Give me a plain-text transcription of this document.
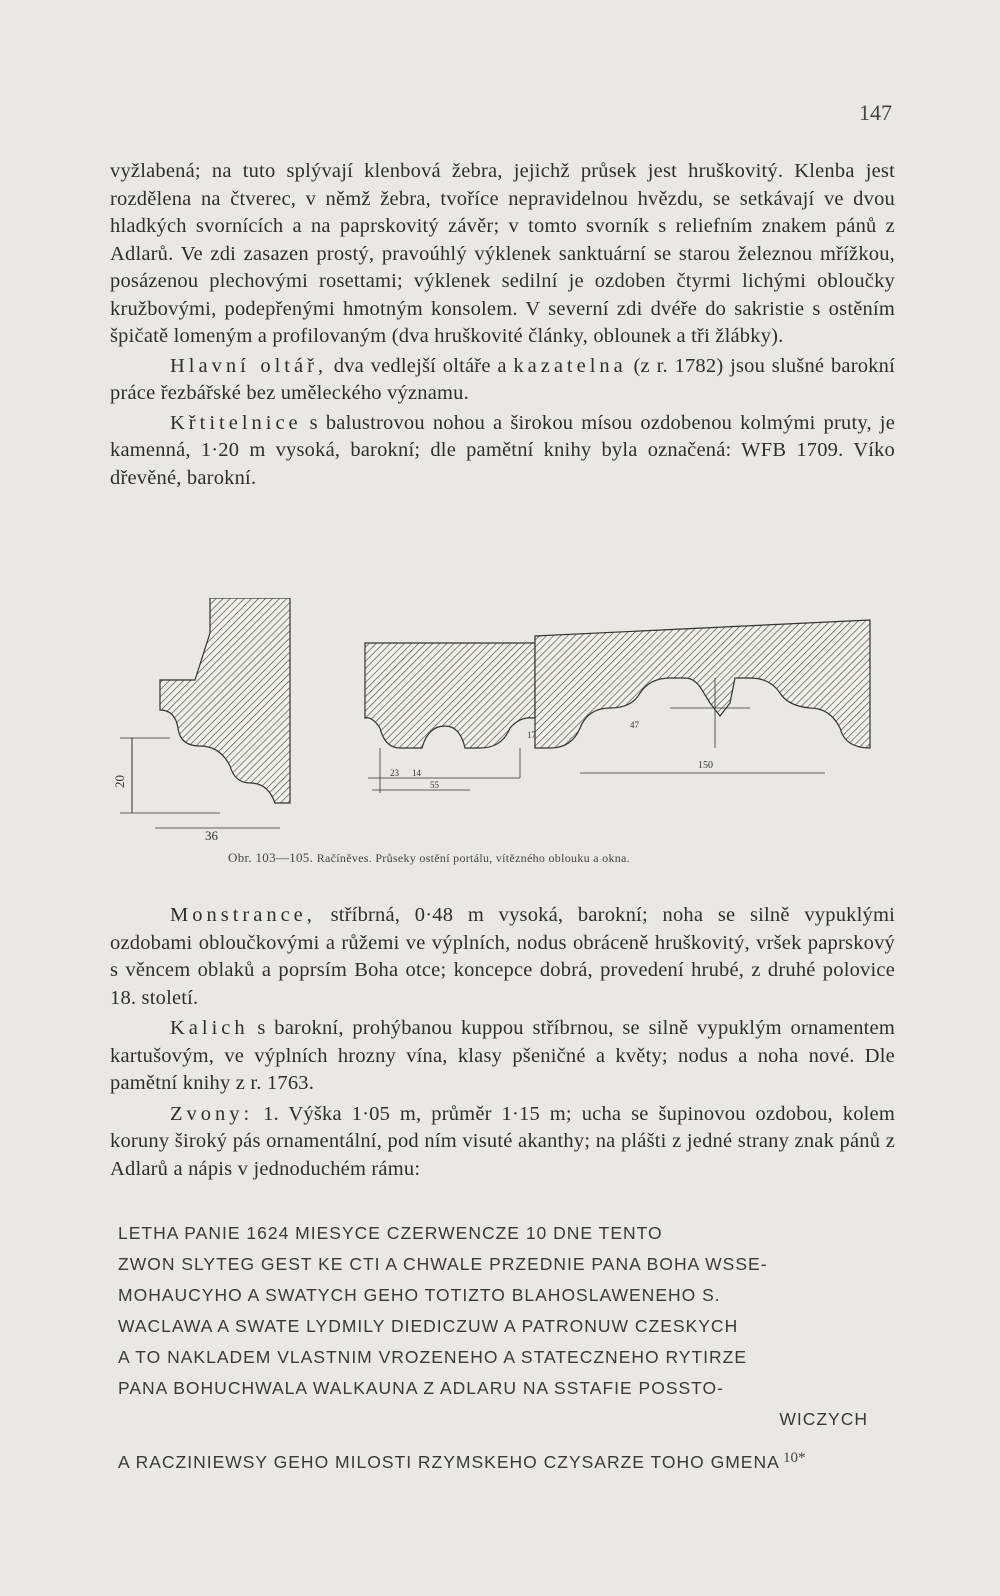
147

vyžlabená; na tuto splývají klenbová žebra, jejichž průsek jest hruškovitý. Klenba jest rozdělena na čtverec, v němž žebra, tvoříce nepravidelnou hvězdu, se setkávají ve dvou hladkých svornících a na paprskovitý závěr; v tomto svorník s reliefním znakem pánů z Adlarů. Ve zdi zasazen prostý, pravoúhlý výklenek sanktuární se starou železnou mřížkou, posázenou plechovými rosettami; výklenek sedilní je ozdoben čtyrmi lichými obloučky kružbovými, podepřenými hmotným konsolem. V severní zdi dvéře do sakristie s ostěním špičatě lomeným a profilovaným (dva hruškovité články, oblounek a tři žlábky).

Hlavní oltář, dva vedlejší oltáře a kazatelna (z r. 1782) jsou slušné barokní práce řezbářské bez uměleckého významu.

Křtitelnice s balustrovou nohou a širokou mísou ozdobenou kolmými pruty, je kamenná, 1·20 m vysoká, barokní; dle pamětní knihy byla označená: WFB 1709. Víko dřevěné, barokní.

20
36
150
23 14
55
47
17
Obr. 103—105. Račíněves. Průseky ostění portálu, vítězného oblouku a okna.

Monstrance, stříbrná, 0·48 m vysoká, barokní; noha se silně vypuklými ozdobami obloučkovými a růžemi ve výplních, nodus obráceně hruškovitý, vršek paprskový s věncem oblaků a poprsím Boha otce; koncepce dobrá, provedení hrubé, z druhé polovice 18. století.

Kalich s barokní, prohýbanou kuppou stříbrnou, se silně vypuklým ornamentem kartušovým, ve výplních hrozny vína, klasy pšeničné a květy; nodus a noha nové. Dle pamětní knihy z r. 1763.

Zvony: 1. Výška 1·05 m, průměr 1·15 m; ucha se šupinovou ozdobou, kolem koruny široký pás ornamentální, pod ním visuté akanthy; na plášti z jedné strany znak pánů z Adlarů a nápis v jednoduchém rámu:

LETHA PANIE 1624 MIESYCE CZERWENCZE 10 DNE TENTO
ZWON SLYTEG GEST KE CTI A CHWALE PRZEDNIE PANA BOHA WSSE-
MOHAUCYHO A SWATYCH GEHO TOTIZTO BLAHOSLAWENEHO S.
WACLAWA A SWATE LYDMILY DIEDICZUW A PATRONUW CZESKYCH
A TO NAKLADEM VLASTNIM VROZENEHO A STATECZNEHO RYTIRZE
PANA BOHUCHWALA WALKAUNA Z ADLARU NA SSTAFIE POSSTO-
WICZYCH
A RACZINIEWSY GEHO MILOSTI RZYMSKEHO CZYSARZE TOHO GMENA 10*
